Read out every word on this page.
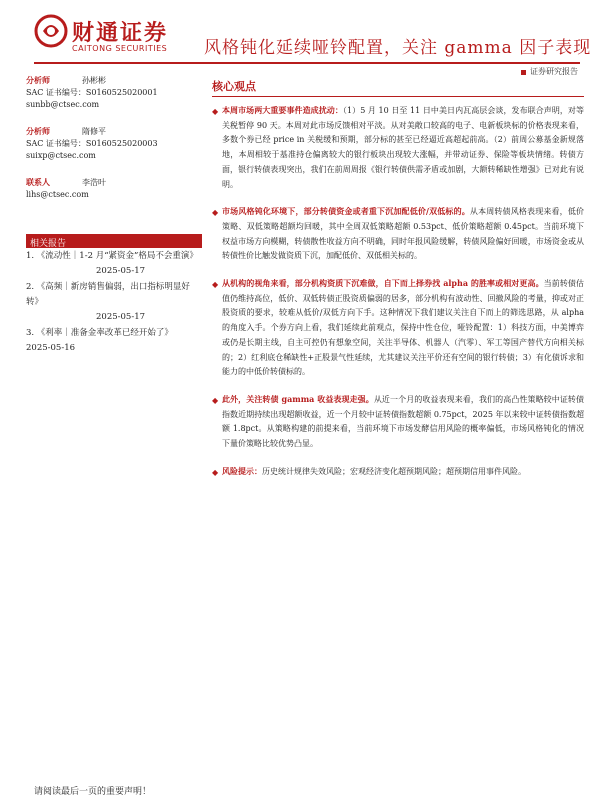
财通证券
CAITONG SECURITIES 风格钝化延续哑铃配置，关注 gamma 因子表现
证券研究报告
分析师	孙彬彬
SAC 证书编号：S0160525020001
sunbb@ctsec.com
分析师	隋修平
SAC 证书编号：S0160525020003
suixp@ctsec.com
联系人	李浩叶
lihs@ctsec.com
相关报告
1. 《流动性｜1-2 月“紧资金”格局不会重演》
2025-05-17
2. 《高频｜新房销售偏弱，出口指标明显好转》
2025-05-17
3. 《利率｜准备金率改革已经开始了》
2025-05-16
核心观点
◆ 本周市场两大重要事件造成扰动：（1）5 月 10 日至 11 日中美日内瓦高层会谈，发布联合声明，对等关税暂停 90 天。本周对此市场反馈相对平淡。从对美敞口较高的电子、电新板块标的价格表现来看，多数个券已经 price in 关税缓和预期，部分标的甚至已经逼近高超起前高。（2）前周公募基金新规落地，本周相较于基准持仓偏离较大的银行板块出现较大涨幅，并带动证券、保险等板块情绪。转债方面，银行转债表现突出，我们在前周周报《银行转债供需矛盾或加剧，大额转稀缺性增强》已对此有说明。
◆ 市场风格钝化环境下，部分转债资金或者重下沉加配低价/双低标的。从本周转债风格表现来看，低价策略、双低策略超额均回暖，其中全周双低策略超额 0.53pct、低价策略超额 0.45pct。当前环境下权益市场方向模糊，转债散性收益方向不明确，同时年报风险缓解，转债风险偏好回暖，市场资金或从转债性价比触发做资质下沉，加配低价、双低相关标的。
◆ 从机构的视角来看，部分机构资质下沉难做，自下而上择券找 alpha 的胜率或相对更高。当前转债估值仍维持高位，低价、双低转债正股资质偏弱的居多，部分机构有波动性、回撤风险的考量，抑或对正股资质的要求，较难从低价/双低方向下手。这种情况下我们建议关注自下而上的筛选思路，从 alpha 的角度入手。个券方向上看，我们延续此前观点，保持中性仓位，哑铃配置：1）科技方面，中美博弈或仍是长期主线，自主可控仍有想象空间，关注半导体、机器人（汽零）、军工等国产替代方向相关标的；2）红利底仓稀缺性+正股景气性延续，尤其建议关注平价还有空间的银行转债；3）有化债诉求和能力的中低价转债标的。
◆ 此外，关注转债 gamma 收益表现走强。从近一个月的收益表现来看，我们的高凸性策略较中证转债指数近期持续出现超额收益，近一个月较中证转债指数超额 0.75pct，2025 年以来较中证转债指数超额 1.8pct。从策略构建的前提来看，当前环境下市场发酵信用风险的概率偏低，市场风格钝化的情况下量价策略比较优势凸显。
◆ 风险提示：历史统计规律失效风险；宏观经济变化超预期风险；超预期信用事件风险。
请阅读最后一页的重要声明！
